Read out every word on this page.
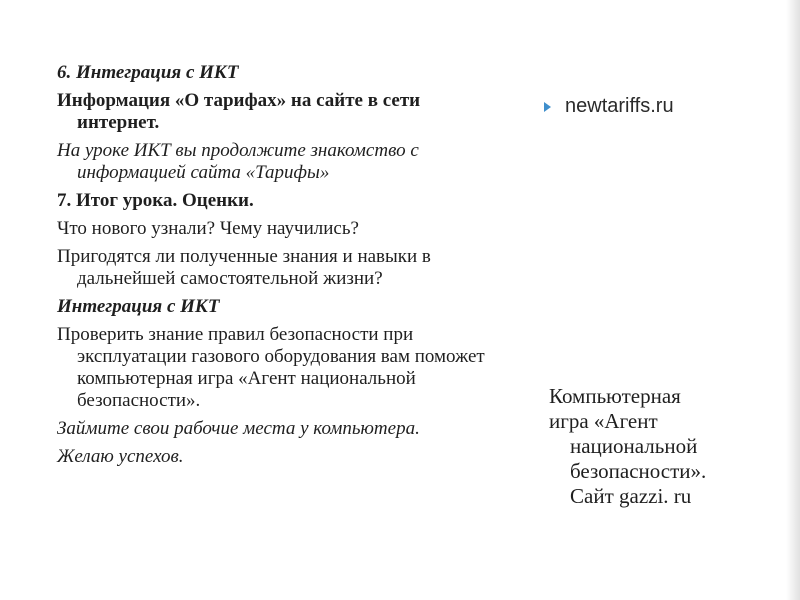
6. Интеграция с ИКТ

Информация «О тарифах» на сайте в сети интернет.

На уроке ИКТ вы продолжите знакомство с информацией сайта «Тарифы»

7. Итог урока. Оценки.

Что нового узнали? Чему научились?

Пригодятся ли полученные знания и навыки в дальнейшей самостоятельной жизни?

Интеграция с ИКТ

Проверить знание правил безопасности при эксплуатации газового оборудования вам поможет компьютерная игра «Агент национальной безопасности».

Займите свои рабочие места у компьютера.

Желаю успехов.

newtariffs.ru
Компьютерная
игра «Агент
национальной
безопасности».
Сайт gazzi. ru
